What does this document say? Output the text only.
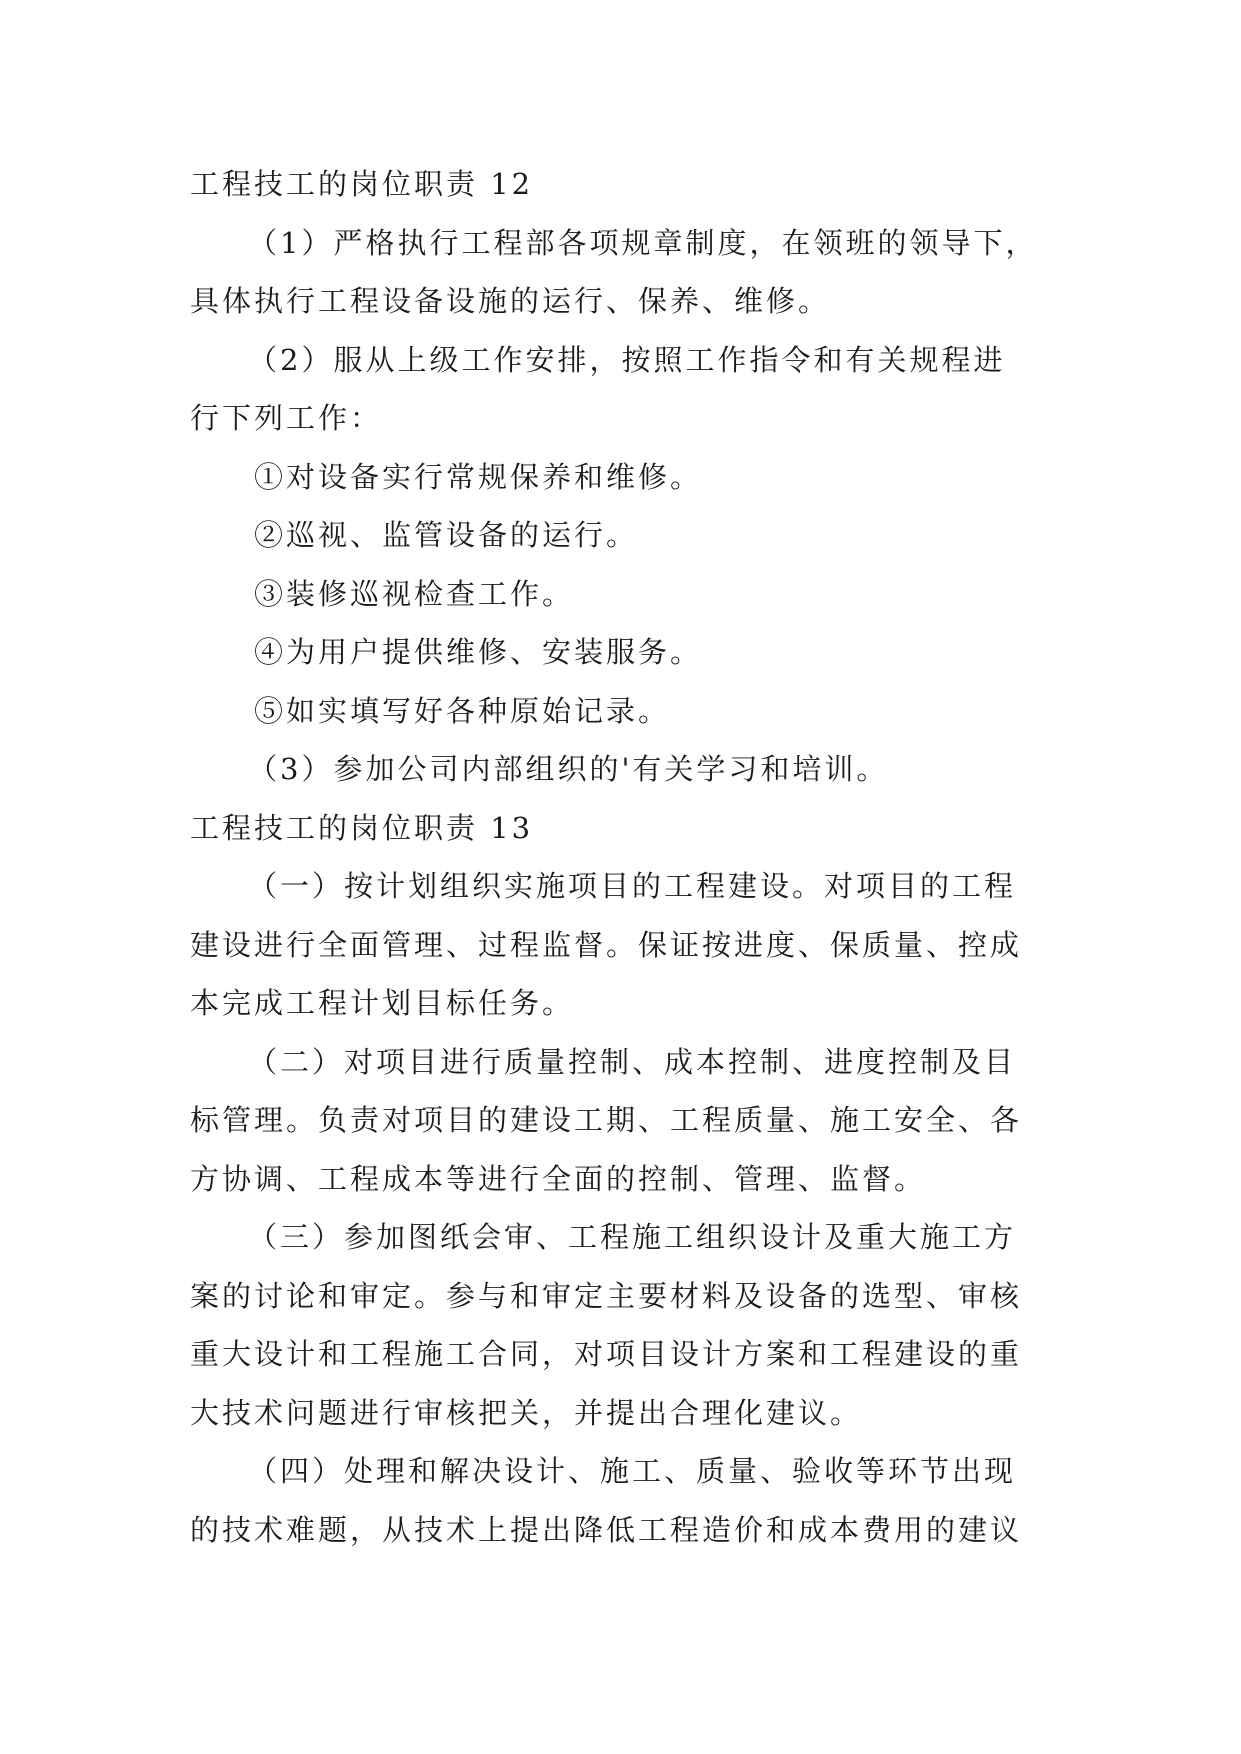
工程技工的岗位职责 12
（1）严格执行工程部各项规章制度，在领班的领导下，
具体执行工程设备设施的运行、保养、维修。
（2）服从上级工作安排，按照工作指令和有关规程进
行下列工作：
①对设备实行常规保养和维修。
②巡视、监管设备的运行。
③装修巡视检查工作。
④为用户提供维修、安装服务。
⑤如实填写好各种原始记录。
（3）参加公司内部组织的'有关学习和培训。
工程技工的岗位职责 13
（一）按计划组织实施项目的工程建设。对项目的工程
建设进行全面管理、过程监督。保证按进度、保质量、控成
本完成工程计划目标任务。
（二）对项目进行质量控制、成本控制、进度控制及目
标管理。负责对项目的建设工期、工程质量、施工安全、各
方协调、工程成本等进行全面的控制、管理、监督。
（三）参加图纸会审、工程施工组织设计及重大施工方
案的讨论和审定。参与和审定主要材料及设备的选型、审核
重大设计和工程施工合同，对项目设计方案和工程建设的重
大技术问题进行审核把关，并提出合理化建议。
（四）处理和解决设计、施工、质量、验收等环节出现
的技术难题，从技术上提出降低工程造价和成本费用的建议
